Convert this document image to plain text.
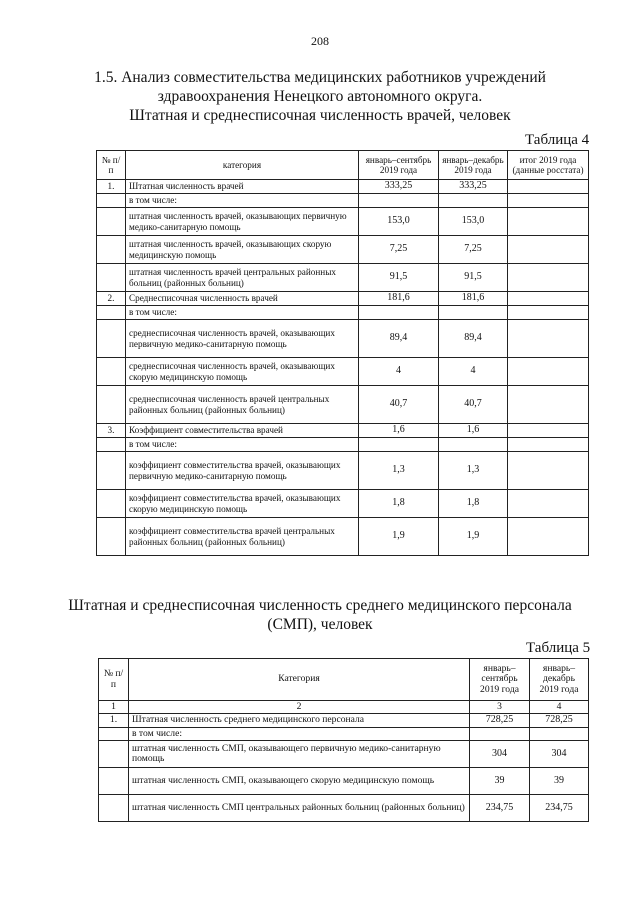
208
1.5. Анализ совместительства медицинских работников учреждений
здравоохранения Ненецкого автономного округа.
Штатная и среднесписочная численность врачей, человек
Таблица 4
№ п/п	категория	январь–сентябрь 2019 года	январь–декабрь 2019 года	итог 2019 года (данные росстата)
1.	Штатная численность врачей	333,25	333,25	
	в том числе:			
	штатная численность врачей, оказывающих первичную медико-санитарную помощь	153,0	153,0	
	штатная численность врачей, оказывающих скорую медицинскую помощь	7,25	7,25	
	штатная численность врачей центральных районных больниц (районных больниц)	91,5	91,5	
2.	Среднесписочная численность врачей	181,6	181,6	
	в том числе:			
	среднесписочная численность врачей, оказывающих первичную медико-санитарную помощь	89,4	89,4	
	среднесписочная численность врачей, оказывающих скорую медицинскую помощь	4	4	
	среднесписочная численность врачей центральных районных больниц (районных больниц)	40,7	40,7	
3.	Коэффициент совместительства врачей	1,6	1,6	
	в том числе:			
	коэффициент совместительства врачей, оказывающих первичную медико-санитарную помощь	1,3	1,3	
	коэффициент совместительства врачей, оказывающих скорую медицинскую помощь	1,8	1,8	
	коэффициент совместительства врачей центральных районных больниц (районных больниц)	1,9	1,9	
Штатная и среднесписочная численность среднего медицинского персонала
(СМП), человек
Таблица 5
№ п/п	Категория	январь–сентябрь 2019 года	январь–декабрь 2019 года
1	2	3	4
1.	Штатная численность среднего медицинского персонала	728,25	728,25
	в том числе:		
	штатная численность СМП, оказывающего первичную медико-санитарную помощь	304	304
	штатная численность СМП, оказывающего скорую медицинскую помощь	39	39
	штатная численность СМП центральных районных больниц (районных больниц)	234,75	234,75
